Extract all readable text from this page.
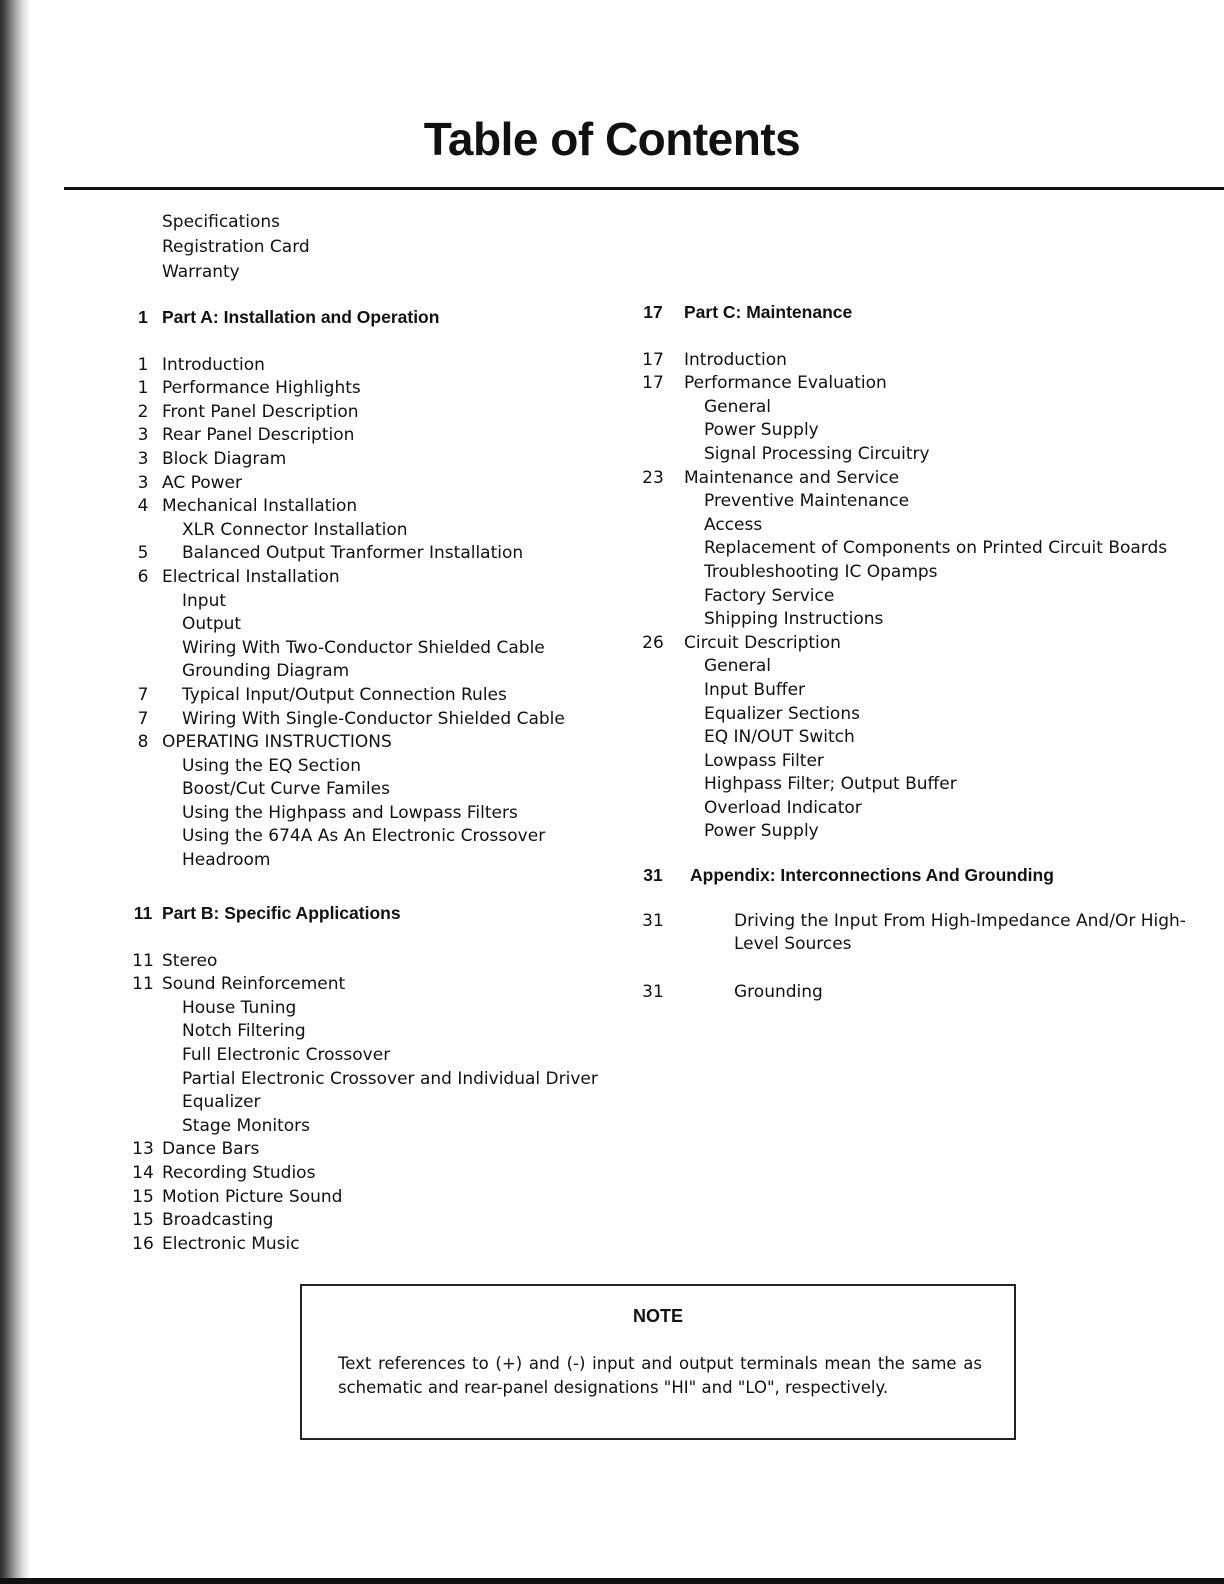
Table of Contents
Specifications
Registration Card
Warranty
1 Part A: Installation and Operation
1 Introduction
1 Performance Highlights
2 Front Panel Description
3 Rear Panel Description
3 Block Diagram
3 AC Power
4 Mechanical Installation
XLR Connector Installation
5	Balanced Output Tranformer Installation
6 Electrical Installation
Input
Output
Wiring With Two-Conductor Shielded Cable
Grounding Diagram
7	Typical Input/Output Connection Rules
7	Wiring With Single-Conductor Shielded Cable
8 OPERATING INSTRUCTIONS
Using the EQ Section
Boost/Cut Curve Familes
Using the Highpass and Lowpass Filters
Using the 674A As An Electronic Crossover
Headroom
11 Part B: Specific Applications
11 Stereo
11 Sound Reinforcement
House Tuning
Notch Filtering
Full Electronic Crossover
Partial Electronic Crossover and Individual Driver
Equalizer
Stage Monitors
13 Dance Bars
14 Recording Studios
15 Motion Picture Sound
15 Broadcasting
16 Electronic Music
17 Part C: Maintenance
17 Introduction
17 Performance Evaluation
General
Power Supply
Signal Processing Circuitry
23 Maintenance and Service
Preventive Maintenance
Access
Replacement of Components on Printed Circuit Boards
Troubleshooting IC Opamps
Factory Service
Shipping Instructions
26 Circuit Description
General
Input Buffer
Equalizer Sections
EQ IN/OUT Switch
Lowpass Filter
Highpass Filter; Output Buffer
Overload Indicator
Power Supply
31 Appendix: Interconnections And Grounding
31	Driving the Input From High-Impedance And/Or High-Level Sources
31	Grounding
NOTE
Text references to (+) and (-) input and output terminals mean the same as schematic and rear-panel designations "HI" and "LO", respectively.
